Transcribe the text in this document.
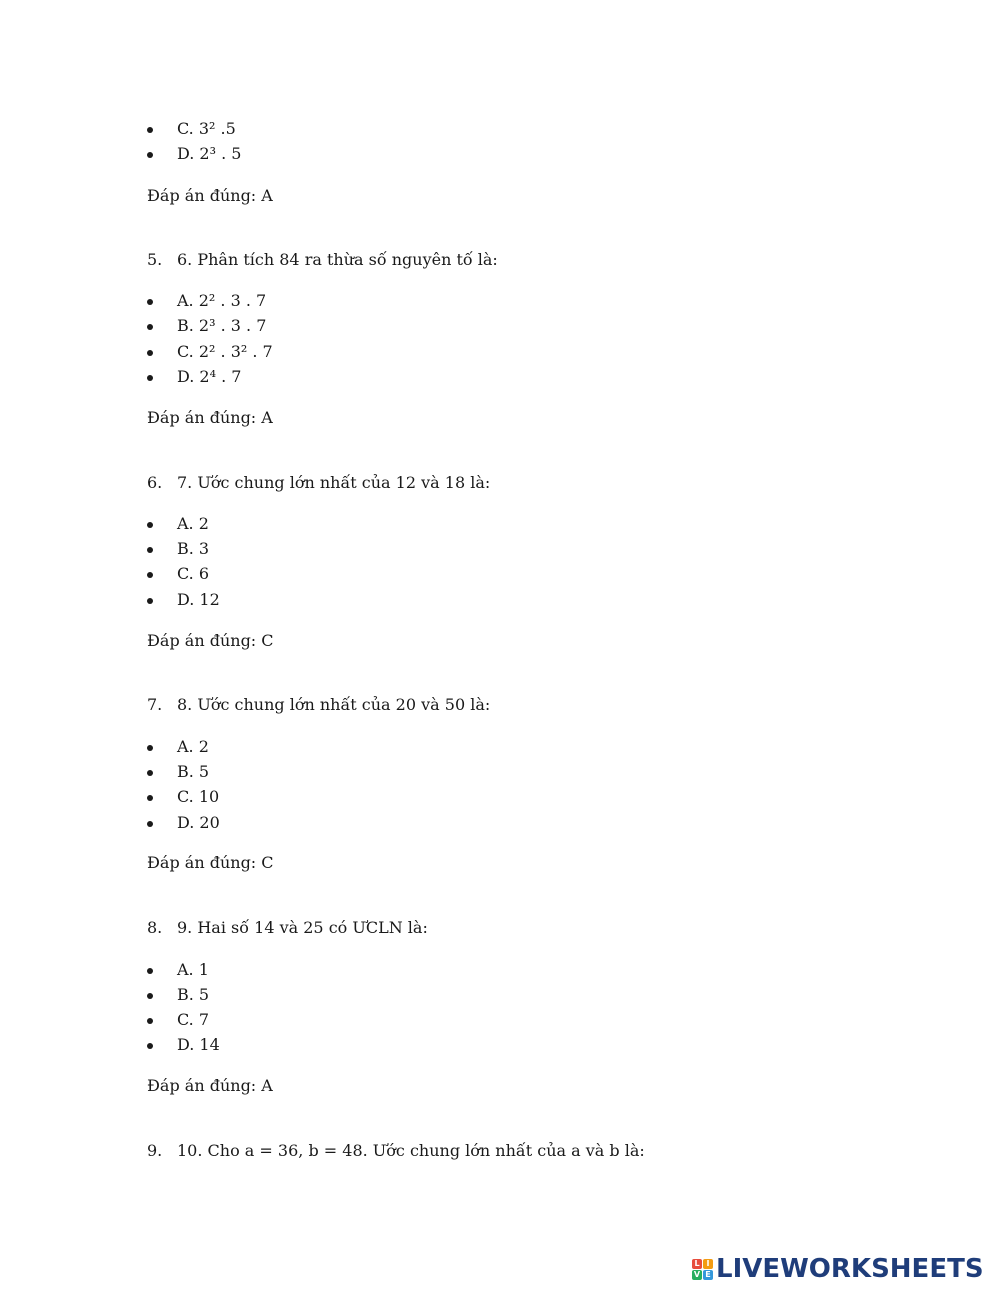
C. 3² .5
D. 2³ . 5
Đáp án đúng: A
5. 6. Phân tích 84 ra thừa số nguyên tố là:
A. 2² . 3 . 7
B. 2³ . 3 . 7
C. 2² . 3² . 7
D. 2⁴ . 7
Đáp án đúng: A
6. 7. Ước chung lớn nhất của 12 và 18 là:
A. 2
B. 3
C. 6
D. 12
Đáp án đúng: C
7. 8. Ước chung lớn nhất của 20 và 50 là:
A. 2
B. 5
C. 10
D. 20
Đáp án đúng: C
8. 9. Hai số 14 và 25 có ƯCLN là:
A. 1
B. 5
C. 7
D. 14
Đáp án đúng: A
9. 10. Cho a = 36, b = 48. Ước chung lớn nhất của a và b là:
L I
V E LIVEWORKSHEETS
